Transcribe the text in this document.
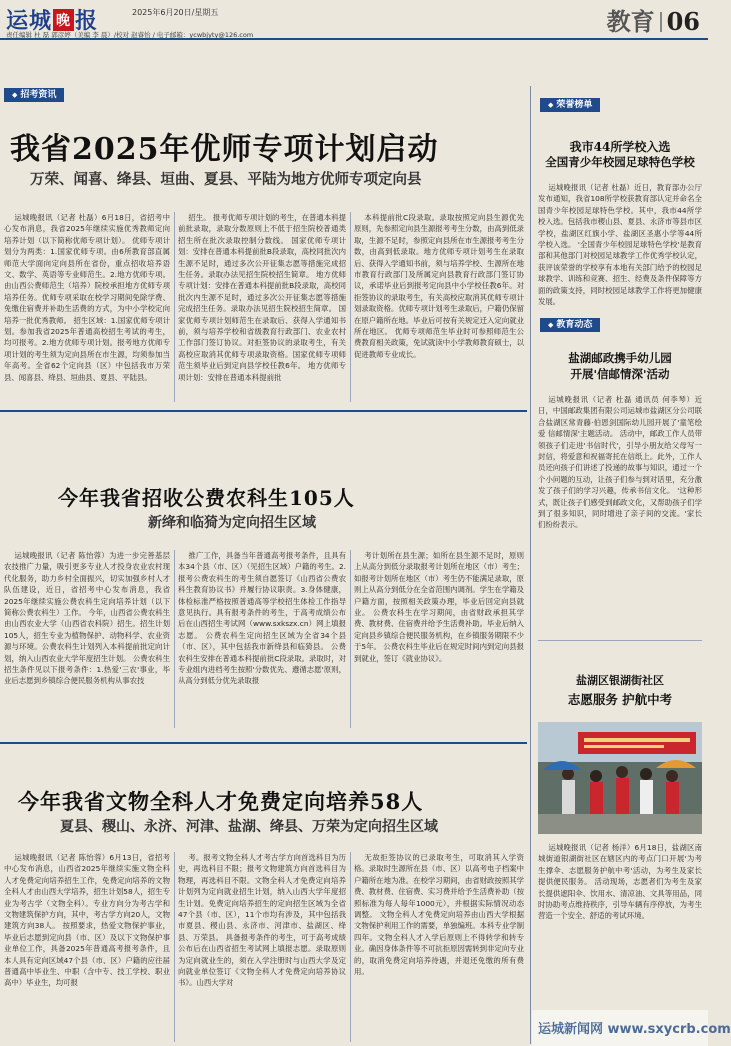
运城 晚 报	2025年6月20日/星期五
责任编辑 杜 磊 郭彦婷（美编 李 晨）/校对 赵睿怡 / 电子邮箱：ycwbjyty@126.com	教育 06
◆ 招考资讯
我省2025年优师专项计划启动
万荣、闻喜、绛县、垣曲、夏县、平陆为地方优师专项定向县
运城晚报讯（记者 杜磊）6月18日，省招考中心发布消息，我省2025年继续实施优秀教师定向培养计划（以下简称优师专项计划）。 优师专项计划分为两类：1.国家优师专项。由6所教育部直属师范大学面向定向县所在省份，重点招收培养语文、数学、英语等专业师范生。2.地方优师专项。由山西公费师范生（培养）院校承担地方优师专项培养任务。优师专项采取在校学习期间免除学费、免缴住宿费并补助生活费的方式，为中小学校定向培养一批优秀教师。 招生区域：1.国家优师专项计划。参加我省2025年普通高校招生考试的考生，均可报考。2.地方优师专项计划。报考地方优师专项计划的考生须为定向县所在市生源，均须参加当年高考。全省62个定向县（区）中包括我市万荣县、闻喜县、绛县、垣曲县、夏县、平陆县。
招生。 报考优师专项计划的考生，在普通本科提前批录取，录取分数原则上不低于招生院校普通类招生所在批次录取控制分数线。 国家优师专项计划：安排在普通本科提前批B段录取，高校同批次内生源不足时，通过多次公开征集志愿等措施完成招生任务。录取办法见招生院校招生简章。 地方优师专项计划：安排在普通本科提前批B段录取，高校同批次内生源不足时，通过多次公开征集志愿等措施完成招生任务。录取办法见招生院校招生简章。 国家优师专项计划师范生在录取后、获得入学通知书前，须与培养学校和省级教育行政部门、农业农村工作部门签订协议。对拒签协议的录取考生，有关高校应取消其优师专项录取资格。国家优师专项师范生须毕业后到定向县学校任教6年。 地方优师专项计划：安排在普通本科提前批
本科提前批C段录取。录取按照定向县生源优先原则，先参照定向县生源报考考生分数，由高到低录取，生源不足时，参照定向县所在市生源报考考生分数，由高到低录取。地方优师专项计划考生在录取后、获得入学通知书前，须与培养学校、生源所在地市教育行政部门及所属定向县教育行政部门签订协议，承诺毕业后到报考定向县中小学校任教6年。对拒签协议的录取考生，有关高校应取消其优师专项计划录取资格。优师专项计划考生录取后，户籍仍保留在原户籍所在地。毕业后可按有关规定迁入定向就业所在地区。 优师专项师范生毕业时可参照师范生公费教育相关政策，免试就读中小学教师教育硕士，以促进教师专业成长。
今年我省招收公费农科生105人
新绛和临猗为定向招生区域
运城晚报讯（记者 陈怡蓉）为进一步完善基层农技推广力量，吸引更多专业人才投身农业农村现代化服务，助力乡村全面振兴，切实加强乡村人才队伍建设，近日，省招考中心发布消息，我省2025年继续实施公费农科生定向培养计划（以下简称公费农科生）工作。 今年，山西省公费农科生由山西农业大学（山西省农科院）招生。招生计划105人，招生专业为植物保护、动物科学、农业资源与环境。公费农科生计划列入本科提前批定向计划，纳入山西农业大学年度招生计划。 公费农科生招生条件见以下报考条件：1.热爱'三农'事业，毕业后志愿到乡镇综合便民服务机构从事农技
推广工作，具备当年普通高考报考条件，且具有本34个县（市、区）（见招生区域）户籍的考生。2.报考公费农科生的考生须自愿签订《山西省公费农科生教育协议书》并履行协议职责。3.身体健康，体检标准严格按照普通高等学校招生体检工作指导意见执行。具有报考条件的考生，于高考成绩公布后在山西招生考试网（www.sxkszx.cn）网上填报志愿。 公费农科生定向招生区域为全省34个县（市、区），其中包括我市新绛县和临猗县。 公费农科生安排在普通本科提前批C段录取。录取时，对专业组内进档考生按照'分数优先、遵循志愿'原则，从高分到低分优先录取报
考计划所在县生源；如所在县生源不足时，原则上从高分到低分录取报考计划所在地区（市）考生；如报考计划所在地区（市）考生仍不能满足录取，原则上从高分到低分在全省范围内调剂。学生在学籍及户籍方面，按照相关政策办理，毕业后回定向县就业。 公费农科生在学习期间，由省财政承担其学费、教材费、住宿费并给予生活费补助。毕业后纳入定向县乡镇综合便民服务机构，在乡镇服务期限不少于5年。 公费农科生毕业后在规定时间内到定向县报到就业，签订《就业协议》。
今年我省文物全科人才免费定向培养58人
夏县、稷山、永济、河津、盐湖、绛县、万荣为定向招生区域
运城晚报讯（记者 陈怡蓉）6月13日，省招考中心发布消息，山西省2025年继续实施文物全科人才免费定向培养招生工作，免费定向培养的文物全科人才由山西大学培养，招生计划58人，招生专业为考古学（文物全科）。专业方向分为考古学和文物建筑保护方向，其中，考古学方向20人，文物建筑方向38人。 按照要求，热爱文物保护事业，毕业后志愿到定向县（市、区）及以下文物保护事业单位工作，具备2025年普通高考报考条件，且本人具有定向区域47个县（市、区）户籍的应往届普通高中毕业生、中职（含中专、技工学校、职业高中）毕业生，均可报
考。报考文物全科人才考古学方向首选科目为历史，再选科目不限；报考文物建筑方向首选科目为物理，再选科目不限。文物全科人才免费定向培养计划列为定向就业招生计划，纳入山西大学年度招生计划。免费定向培养招生的定向招生区域为全省47个县（市、区），11个市均有涉及，其中包括我市夏县、稷山县、永济市、河津市、盐湖区、绛县、万荣县。 具备报考条件的考生，可于高考成绩公布后在山西省招生考试网上填报志愿。录取原则为定向就业生的，须在入学注册时与山西大学及定向就业单位签订《文物全科人才免费定向培养协议书》。山西大学对
无故拒签协议的已录取考生，可取消其入学资格。录取时生源所在县（市、区）以高考电子档案中户籍所在地为准。在校学习期间，由省财政按照其学费、教材费、住宿费、实习费并给予生活费补助（按照标准为每人每年1000元），并根据实际情况动态调整。 文物全科人才免费定向培养由山西大学根据文物保护利用工作的需要，单独编班。本科专业学制四年。文物全科人才入学后原则上不得转学和转专业。确因身体条件等不可抗拒原因需转到非定向专业的，取消免费定向培养待遇，并退还免缴的所有费用。
◆ 荣誉榜单
我市44所学校入选
全国青少年校园足球特色学校
运城晚报讯（记者 杜磊）近日，教育部办公厅发布通知，我省108所学校获教育部认定并命名全国青少年校园足球特色学校。其中，我市44所学校入选。包括我市稷山县、夏县、永济市等县市区学校，盐湖区红旗小学、盐湖区圣惠小学等44所学校入选。 '全国青少年校园足球特色学校'是教育部和其他部门对校园足球教学工作优秀学校认定，获评该荣誉的学校享有本地有关部门给予的校园足球教学、训练和竞赛、招生、经费及条件保障等方面的政策支持，同时校园足球教学工作将更加健康发展。
◆ 教育动态
盐湖邮政携手幼儿园
开展'信邮情深'活动
运城晚报讯（记者 杜磊 通讯员 何李琴）近日，中国邮政集团有限公司运城市盐湖区分公司联合盐湖区常青藤·伯恩剑国际幼儿园开展了'童笔绘爱 信邮情深'主题活动。 活动中，邮政工作人员带领孩子们走进'书信时代'，引导小朋友给父母写一封信，将爱意和祝福寄托在信纸上。此外，工作人员还向孩子们讲述了投递的故事与知识，通过一个个小问题的互动，让孩子们参与到对话里，充分激发了孩子们的学习兴趣，传承书信文化。 '这种形式，既让孩子们感受到邮政文化，又帮助孩子们学到了很多知识，同时增进了亲子间的交流。'家长们纷纷表示。
盐湖区银湖街社区
志愿服务 护航中考
运城晚报讯（记者 杨洋）6月18日，盐湖区南城街道银湖街社区在辖区内的考点门口开展'为考生撑伞、志愿服务护航中考'活动，为考生及家长提供便民服务。 活动现场，志愿者们为考生及家长提供遮阳伞、饮用水、清凉油、文具等用品，同时协助考点维持秩序，引导车辆有序停放，为考生营造一个安全、舒适的考试环境。
运城新闻网 www.sxycrb.com
